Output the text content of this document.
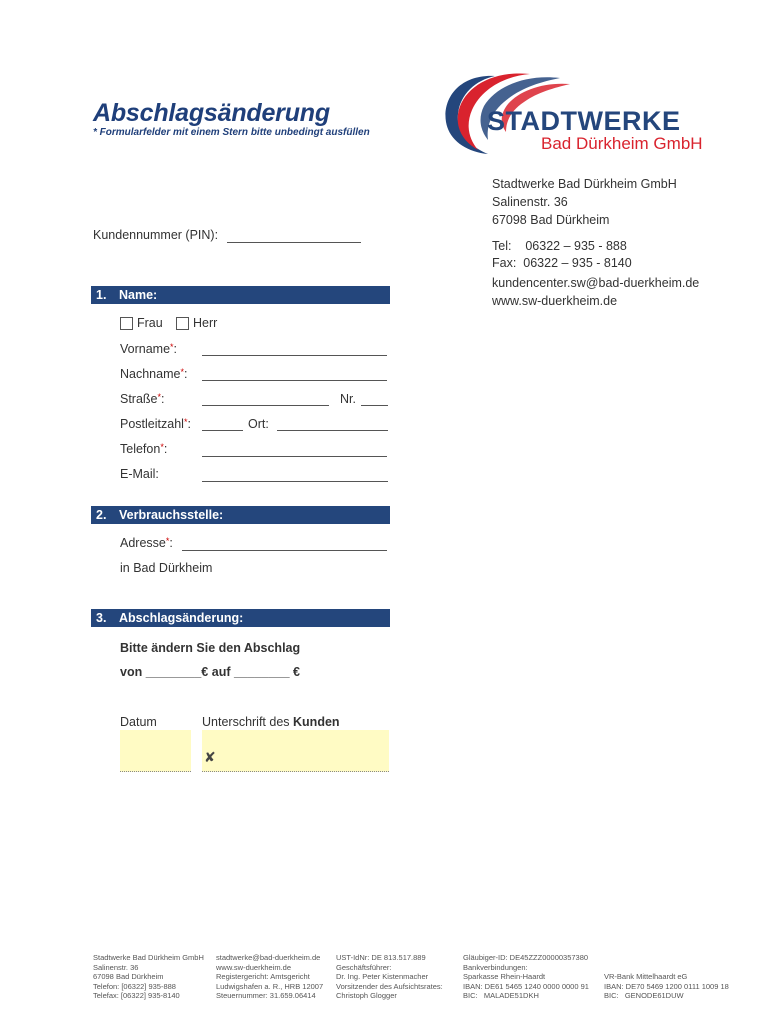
Abschlagsänderung
* Formularfelder mit einem Stern bitte unbedingt ausfüllen	STADTWERKE
Bad Dürkheim GmbH
Stadtwerke Bad Dürkheim GmbH
Salinenstr. 36
67098 Bad Dürkheim
Tel:    06322 – 935 - 888
Fax:  06322 – 935 - 8140
kundencenter.sw@bad-duerkheim.de
www.sw-duerkheim.de
Kundennummer (PIN):
1. Name:
Frau Herr
Vorname*:
Nachname*:
Straße*:	Nr.
Postleitzahl*:	Ort:
Telefon*:
E-Mail:
2. Verbrauchsstelle:
Adresse*:
in Bad Dürkheim
3. Abschlagsänderung:
Bitte ändern Sie den Abschlag
von ________€ auf ________ €
Datum	Unterschrift des Kunden
✘
Stadtwerke Bad Dürkheim GmbH
Salinenstr. 36
67098 Bad Dürkheim
Telefon: [06322] 935-888
Telefax: [06322] 935-8140
stadtwerke@bad-duerkheim.de
www.sw-duerkheim.de
Registergericht: Amtsgericht
Ludwigshafen a. R., HRB 12007
Steuernummer: 31.659.06414
UST-IdNr: DE 813.517.889
Geschäftsführer:
Dr. Ing. Peter Kistenmacher
Vorsitzender des Aufsichtsrates:
Christoph Glogger
Gläubiger-ID: DE45ZZZ00000357380
Bankverbindungen:
Sparkasse Rhein-Haardt
IBAN: DE61 5465 1240 0000 0000 91
BIC:   MALADE51DKH
VR-Bank Mittelhaardt eG
IBAN: DE70 5469 1200 0111 1009 18
BIC:   GENODE61DUW
